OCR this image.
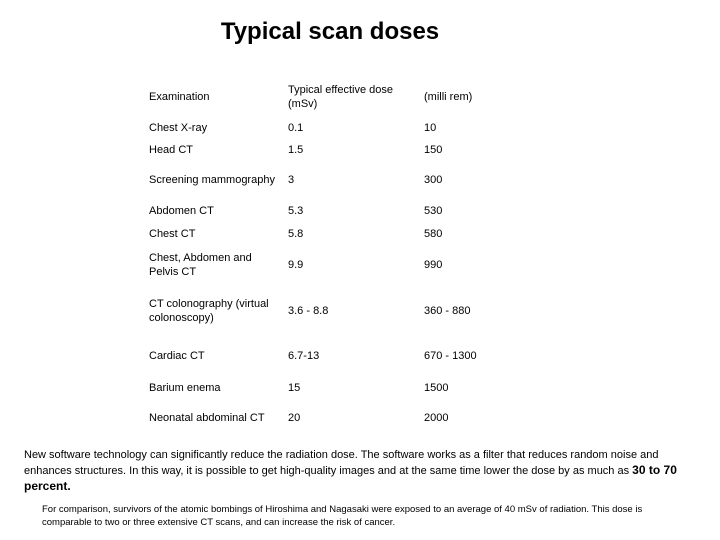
Typical scan doses
Examination	Typical effective dose (mSv)	(milli rem)
Chest X-ray	0.1	10
Head CT	1.5	150
Screening mammography	3	300
Abdomen CT	5.3	530
Chest CT	5.8	580
Chest, Abdomen and Pelvis CT	9.9	990
CT colonography (virtual colonoscopy)	3.6 - 8.8	360 - 880
Cardiac CT	6.7-13	670 - 1300
Barium enema	15	1500
Neonatal abdominal CT	20	2000

New software technology can significantly reduce the radiation dose. The software works as a filter that reduces random noise and enhances structures. In this way, it is possible to get high-quality images and at the same time lower the dose by as much as 30 to 70 percent.

For comparison, survivors of the atomic bombings of Hiroshima and Nagasaki were exposed to an average of 40 mSv of radiation. This dose is comparable to two or three extensive CT scans, and can increase the risk of cancer.
